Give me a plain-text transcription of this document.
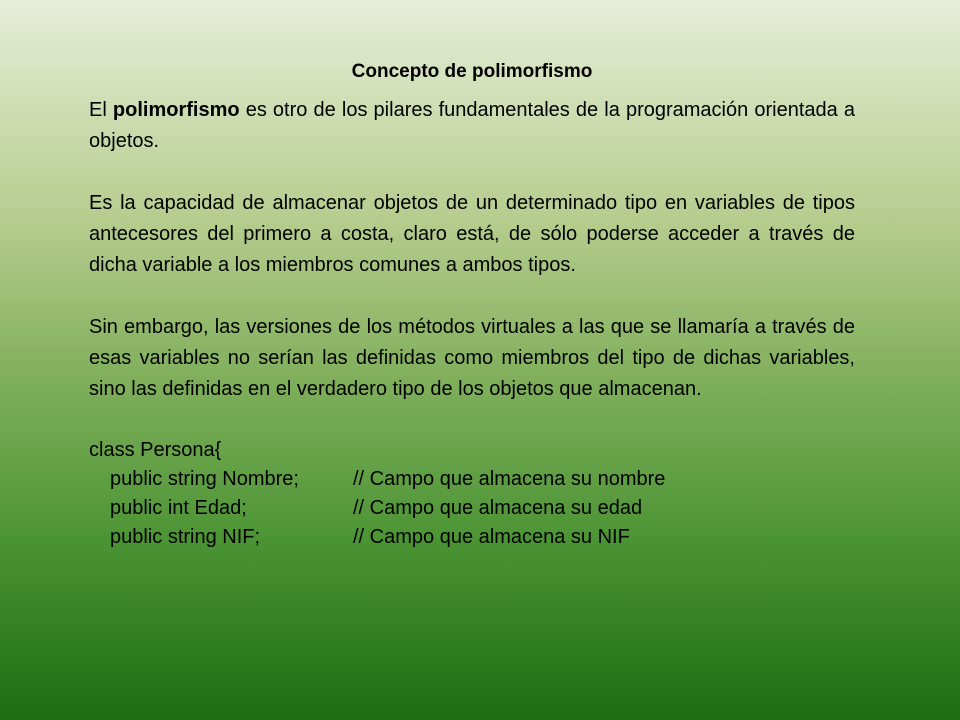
Concepto de polimorfismo

El polimorfismo es otro de los pilares fundamentales de la programación orientada a objetos.

Es la capacidad de almacenar objetos de un determinado tipo en variables de tipos antecesores del primero a costa, claro está, de sólo poderse acceder a través de dicha variable a los miembros comunes a ambos tipos.

Sin embargo, las versiones de los métodos virtuales a las que se llamaría a través de esas variables no serían las definidas como miembros del tipo de dichas variables, sino las definidas en el verdadero tipo de los objetos que almacenan.

class Persona{
public string Nombre;	// Campo que almacena su nombre
public int Edad;	// Campo que almacena su edad
public string NIF;	// Campo que almacena su NIF
